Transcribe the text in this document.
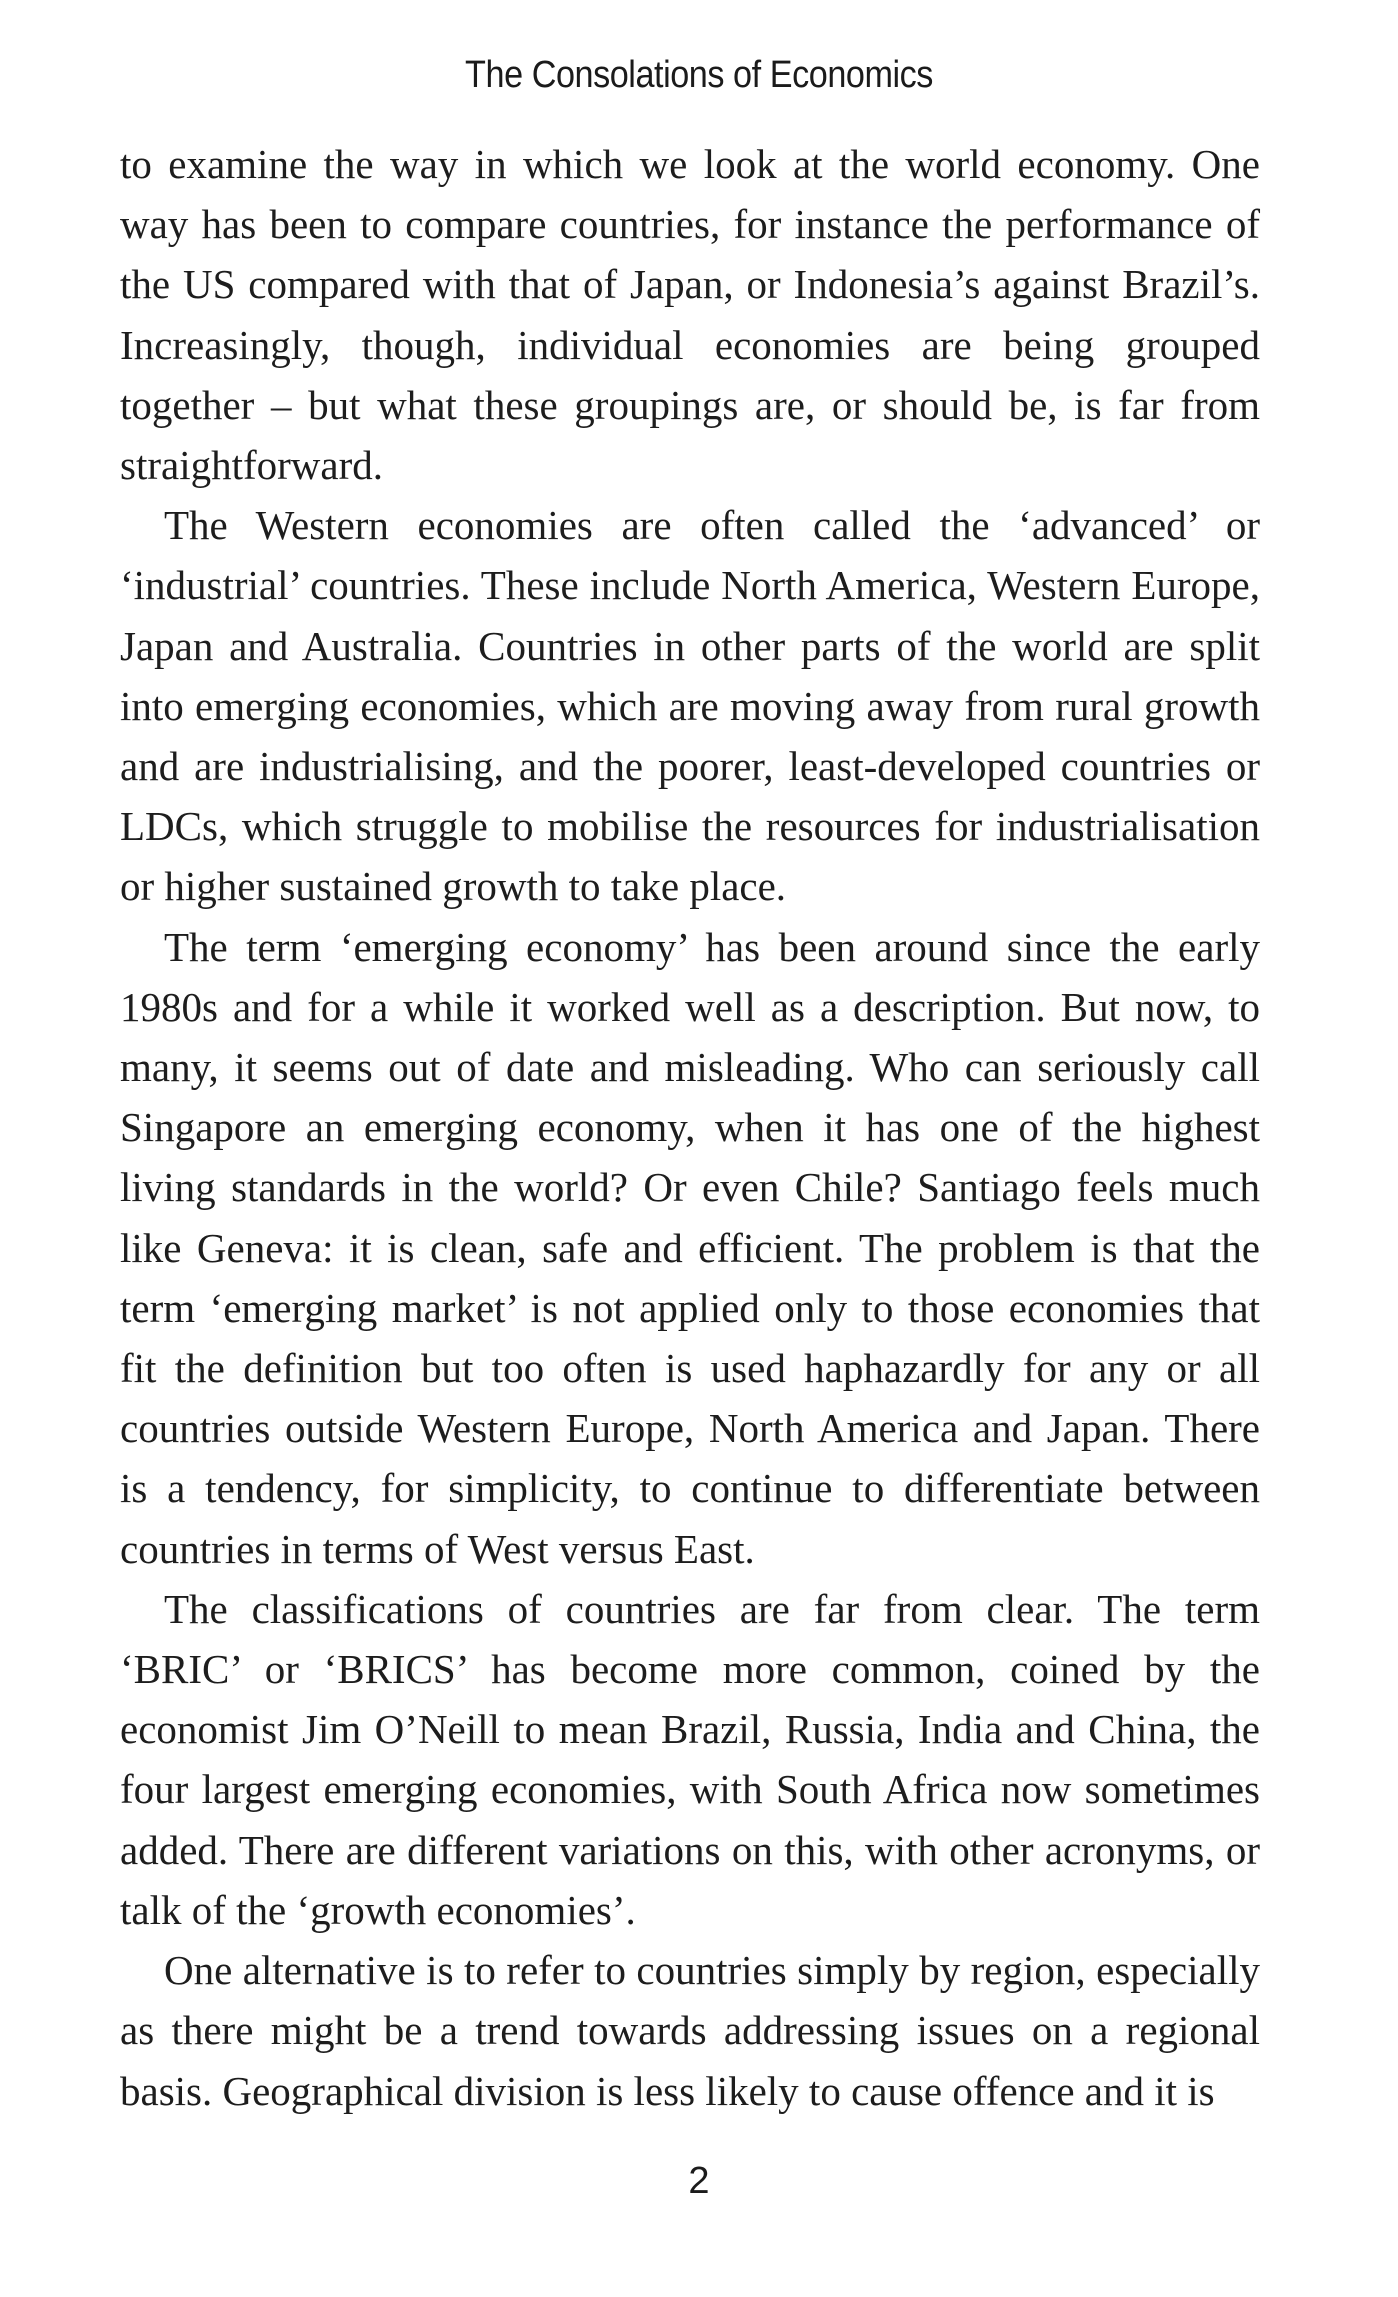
The Consolations of Economics

to examine the way in which we look at the world economy. One way has been to compare countries, for instance the performance of the US compared with that of Japan, or Indonesia’s against Brazil’s. Increasingly, though, individual economies are being grouped together – but what these groupings are, or should be, is far from straightforward.

The Western economies are often called the ‘advanced’ or ‘industrial’ countries. These include North America, Western Europe, Japan and Australia. Countries in other parts of the world are split into emerging economies, which are moving away from rural growth and are industrialising, and the poorer, least-developed countries or LDCs, which struggle to mobilise the resources for industrialisation or higher sustained growth to take place.

The term ‘emerging economy’ has been around since the early 1980s and for a while it worked well as a description. But now, to many, it seems out of date and misleading. Who can seriously call Singapore an emerging economy, when it has one of the highest living standards in the world? Or even Chile? Santiago feels much like Geneva: it is clean, safe and efficient. The problem is that the term ‘emerging market’ is not applied only to those economies that fit the definition but too often is used haphazardly for any or all countries outside Western Europe, North America and Japan. There is a tendency, for simplicity, to continue to differentiate between countries in terms of West versus East.

The classifications of countries are far from clear. The term ‘BRIC’ or ‘BRICS’ has become more common, coined by the economist Jim O’Neill to mean Brazil, Russia, India and China, the four largest emerging economies, with South Africa now sometimes added. There are different variations on this, with other acronyms, or talk of the ‘growth economies’.

One alternative is to refer to countries simply by region, especially as there might be a trend towards addressing issues on a regional basis. Geographical division is less likely to cause offence and it is

2
